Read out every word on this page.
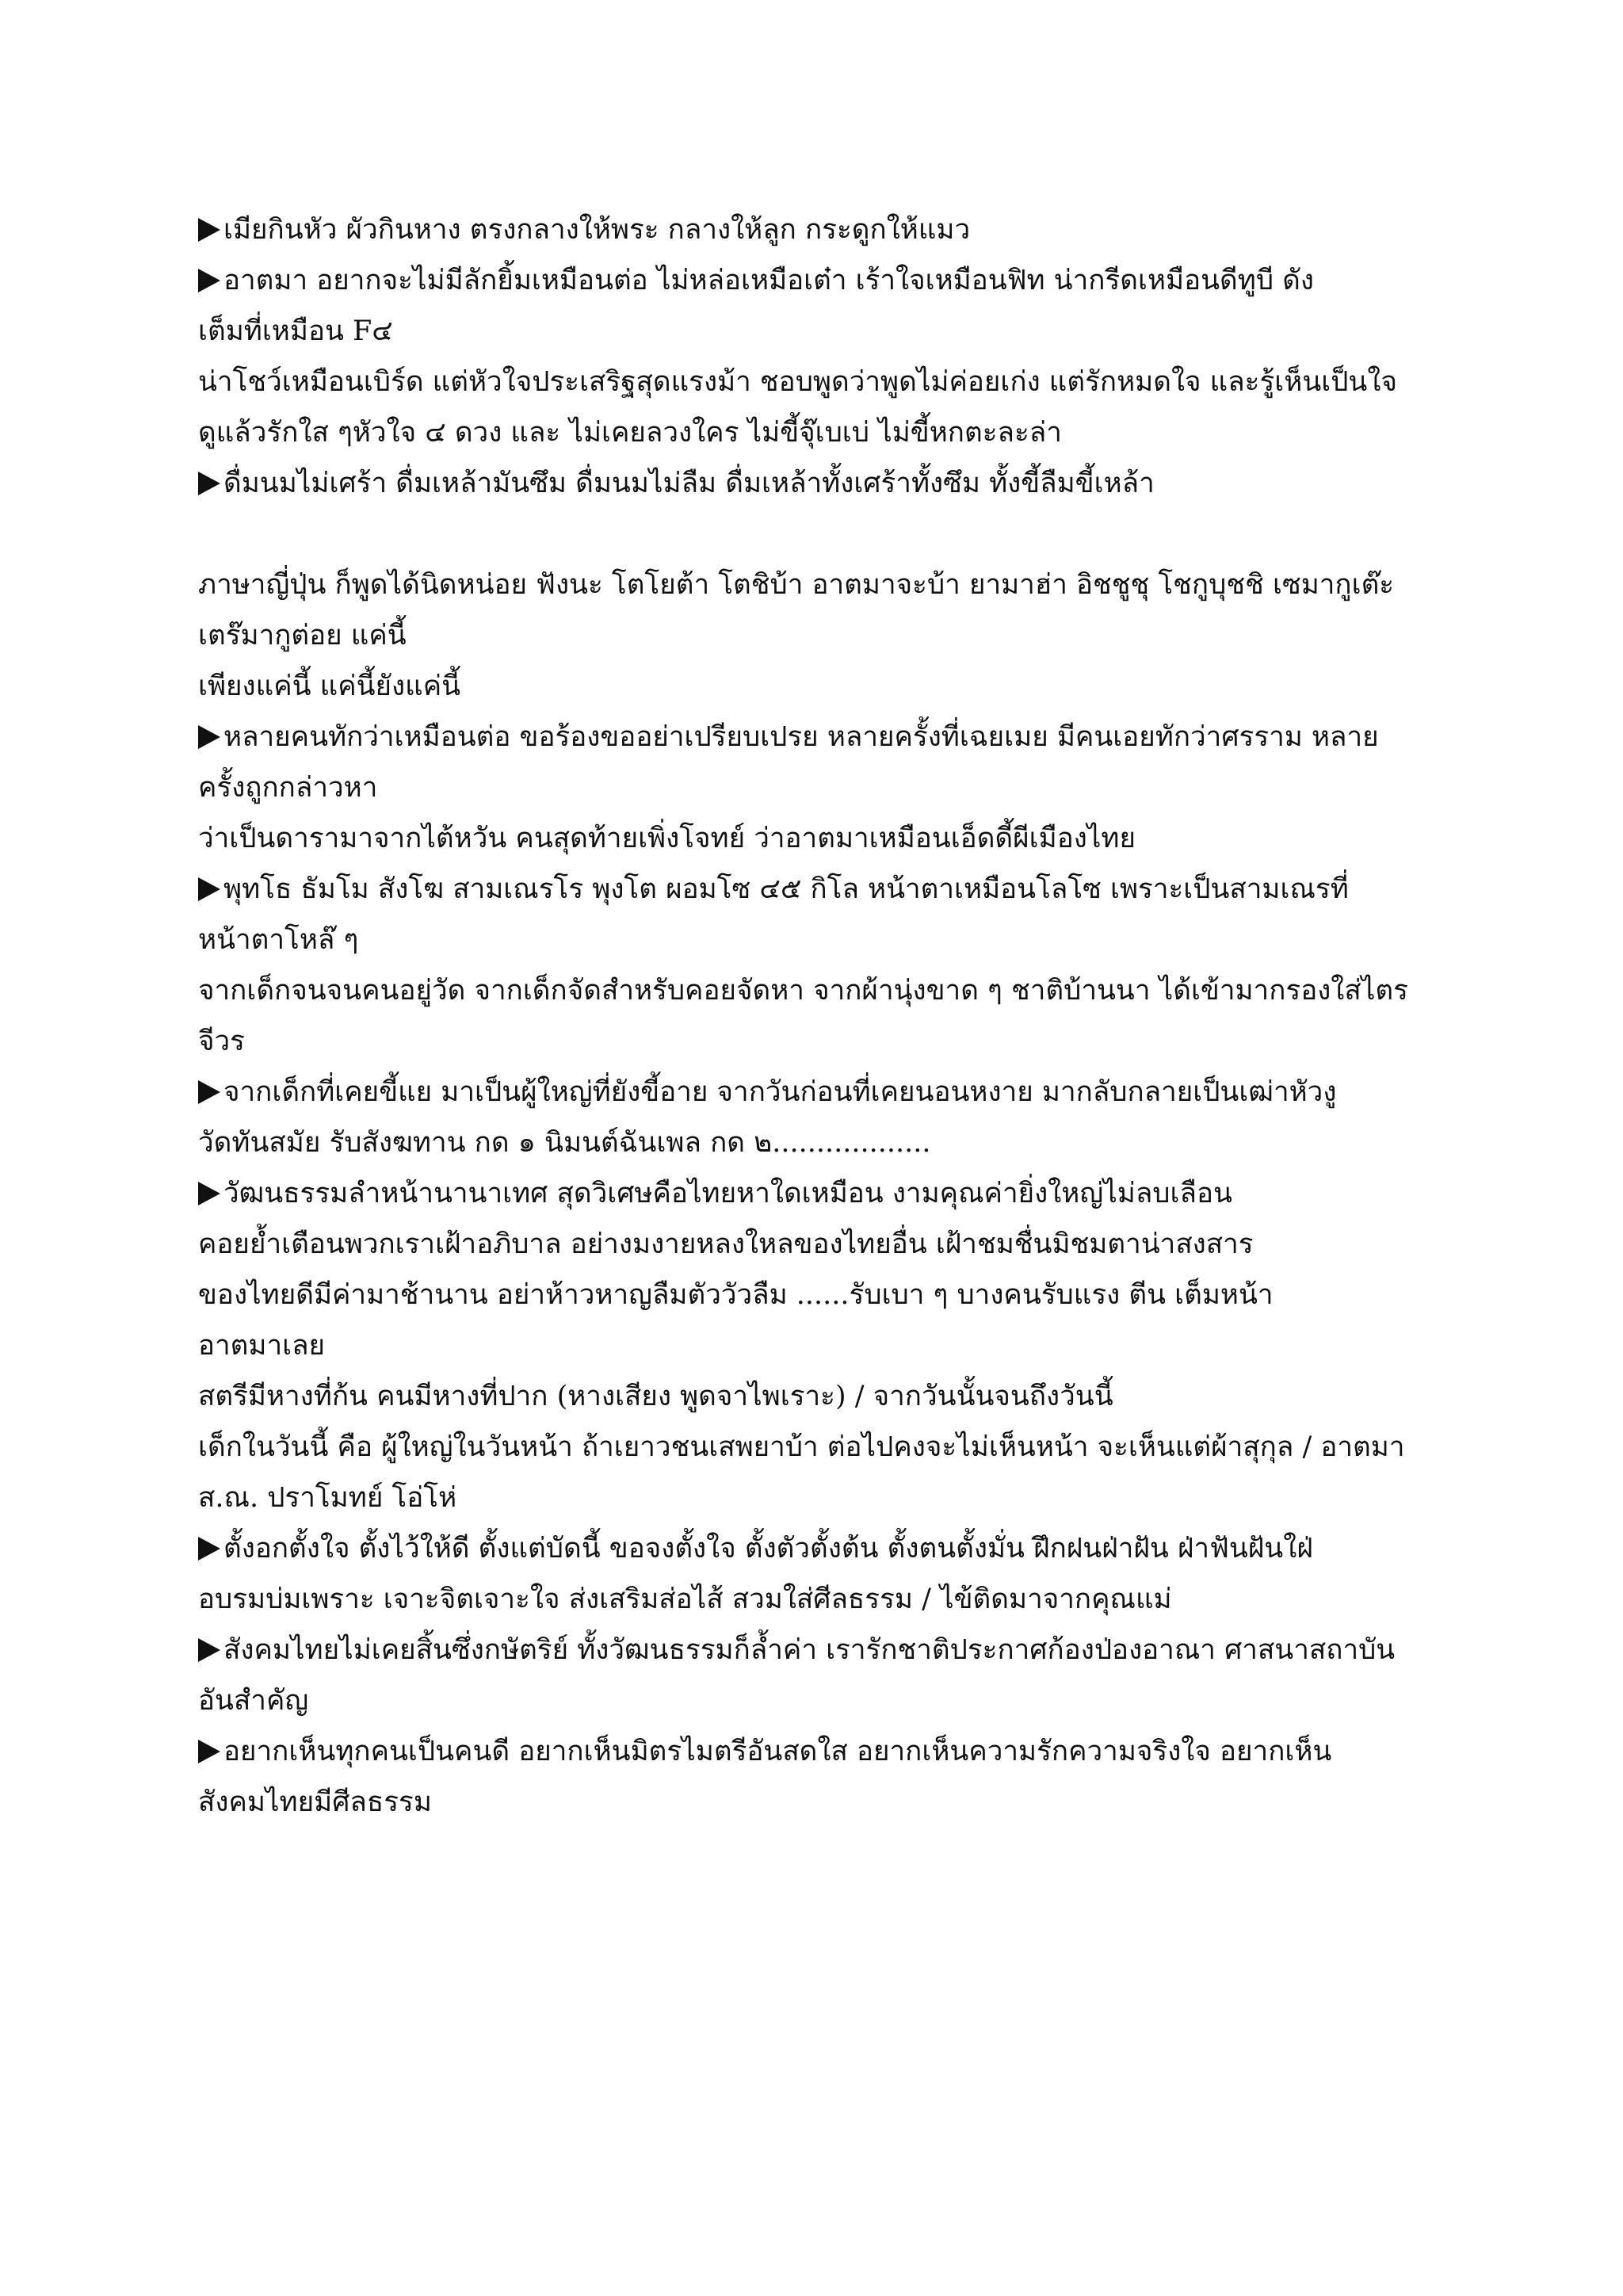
เมียกินหัว ผัวกินหาง ตรงกลางให้พระ กลางให้ลูก กระดูกให้แมว
อาตมา อยากจะไม่มีลักยิ้มเหมือนต่อ ไม่หล่อเหมือเต๋า เร้าใจเหมือนฟิท น่ากรีดเหมือนดีทูบี ดัง
เต็มที่เหมือน F๔
น่าโชว์เหมือนเบิร์ด แต่หัวใจประเสริฐสุดแรงม้า ชอบพูดว่าพูดไม่ค่อยเก่ง แต่รักหมดใจ และรู้เห็นเป็นใจ
ดูแล้วรักใส ๆหัวใจ ๔ ดวง และ ไม่เคยลวงใคร ไม่ขี้จุ๊เบเบ่ ไม่ขี้หกตะละล่า
ดื่มนมไม่เศร้า ดื่มเหล้ามันซึม ดื่มนมไม่ลืม ดื่มเหล้าทั้งเศร้าทั้งซึม ทั้งขี้ลืมขี้เหล้า
ภาษาญี่ปุ่น ก็พูดได้นิดหน่อย ฟังนะ โตโยต้า โตชิบ้า อาตมาจะบ้า ยามาฮ่า อิชชูชุ โชกูบุชชิ เซมากูเต๊ะ
เตร๊มากูต่อย แค่นี้
เพียงแค่นี้ แค่นี้ยังแค่นี้
หลายคนทักว่าเหมือนต่อ ขอร้องขออย่าเปรียบเปรย หลายครั้งที่เฉยเมย มีคนเอยทักว่าศรราม หลาย
ครั้งถูกกล่าวหา
ว่าเป็นดารามาจากไต้หวัน คนสุดท้ายเพิ่งโจทย์ ว่าอาตมาเหมือนเอ็ดดี้ผีเมืองไทย
พุทโธ ธัมโม สังโฆ สามเณรโร พุงโต ผอมโซ ๔๕ กิโล หน้าตาเหมือนโลโซ เพราะเป็นสามเณรที่
หน้าตาโหล๊ ๆ
จากเด็กจนจนคนอยู่วัด จากเด็กจัดสำหรับคอยจัดหา จากผ้านุ่งขาด ๆ ชาติบ้านนา ได้เข้ามากรองใส่ไตร
จีวร
จากเด็กที่เคยขี้แย มาเป็นผู้ใหญ่ที่ยังขี้อาย จากวันก่อนที่เคยนอนหงาย มากลับกลายเป็นเฒ่าหัวงู
วัดทันสมัย รับสังฆทาน กด ๑ นิมนต์ฉันเพล กด ๒..................
วัฒนธรรมลำหน้านานาเทศ สุดวิเศษคือไทยหาใดเหมือน งามคุณค่ายิ่งใหญ่ไม่ลบเลือน
คอยย้ำเตือนพวกเราเฝ้าอภิบาล อย่างมงายหลงใหลของไทยอื่น เฝ้าชมชื่นมิชมตาน่าสงสาร
ของไทยดีมีค่ามาช้านาน อย่าห้าวหาญลืมตัววัวลืม ......รับเบา ๆ บางคนรับแรง ตีน เต็มหน้า
อาตมาเลย
สตรีมีหางที่ก้น คนมีหางที่ปาก (หางเสียง พูดจาไพเราะ) / จากวันนั้นจนถึงวันนี้
เด็กในวันนี้ คือ ผู้ใหญ่ในวันหน้า ถ้าเยาวชนเสพยาบ้า ต่อไปคงจะไม่เห็นหน้า จะเห็นแต่ผ้าสุกุล / อาตมา
ส.ณ. ปราโมทย์ โอ่โห่
ตั้งอกตั้งใจ ตั้งไว้ให้ดี ตั้งแต่บัดนี้ ขอจงตั้งใจ ตั้งตัวตั้งต้น ตั้งตนตั้งมั่น ฝึกฝนฝ่าฝัน ฝ่าฟันฝันใฝ่
อบรมบ่มเพราะ เจาะจิตเจาะใจ ส่งเสริมส่อไส้ สวมใส่ศีลธรรม / ไข้ติดมาจากคุณแม่
สังคมไทยไม่เคยสิ้นซึ่งกษัตริย์ ทั้งวัฒนธรรมก็ล้ำค่า เรารักชาติประกาศก้องป่องอาณา ศาสนาสถาบัน
อันสำคัญ
อยากเห็นทุกคนเป็นคนดี อยากเห็นมิตรไมตรีอันสดใส อยากเห็นความรักความจริงใจ อยากเห็น
สังคมไทยมีศีลธรรม
